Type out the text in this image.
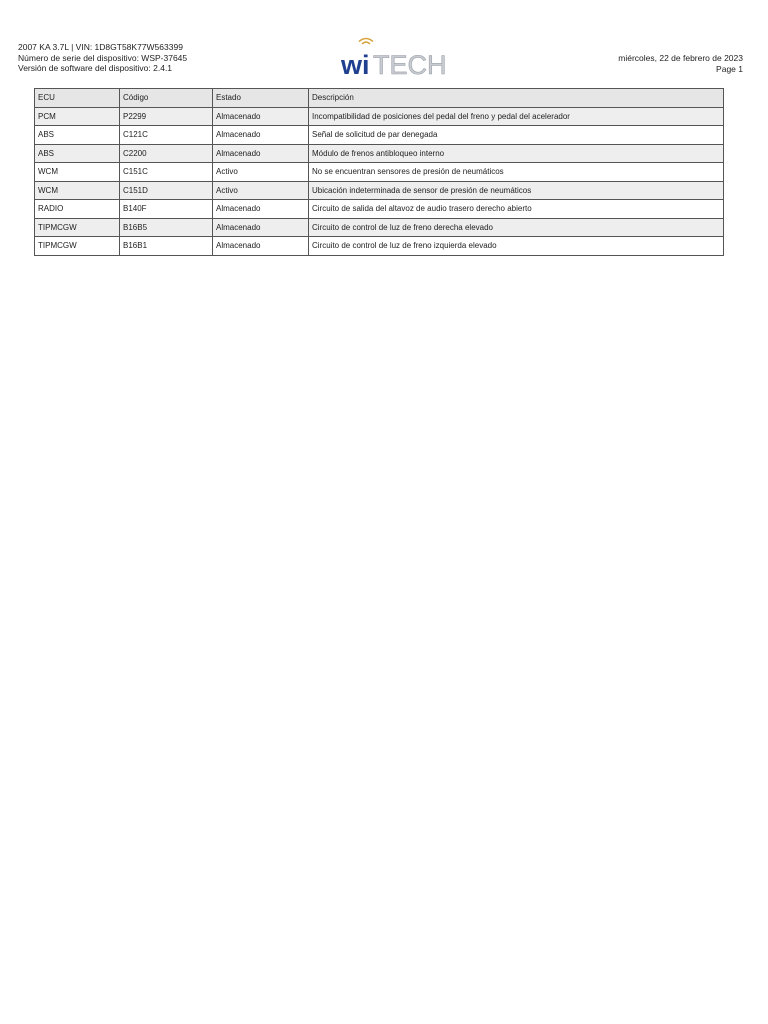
2007 KA 3.7L | VIN: 1D8GT58K77W563399
Número de serie del dispositivo: WSP-37645
Versión de software del dispositivo: 2.4.1	wi TECH	miércoles, 22 de febrero de 2023
Page 1
ECU	Código	Estado	Descripción
PCM	P2299	Almacenado	Incompatibilidad de posiciones del pedal del freno y pedal del acelerador
ABS	C121C	Almacenado	Señal de solicitud de par denegada
ABS	C2200	Almacenado	Módulo de frenos antibloqueo interno
WCM	C151C	Activo	No se encuentran sensores de presión de neumáticos
WCM	C151D	Activo	Ubicación indeterminada de sensor de presión de neumáticos
RADIO	B140F	Almacenado	Circuito de salida del altavoz de audio trasero derecho abierto
TIPMCGW	B16B5	Almacenado	Circuito de control de luz de freno derecha elevado
TIPMCGW	B16B1	Almacenado	Circuito de control de luz de freno izquierda elevado
